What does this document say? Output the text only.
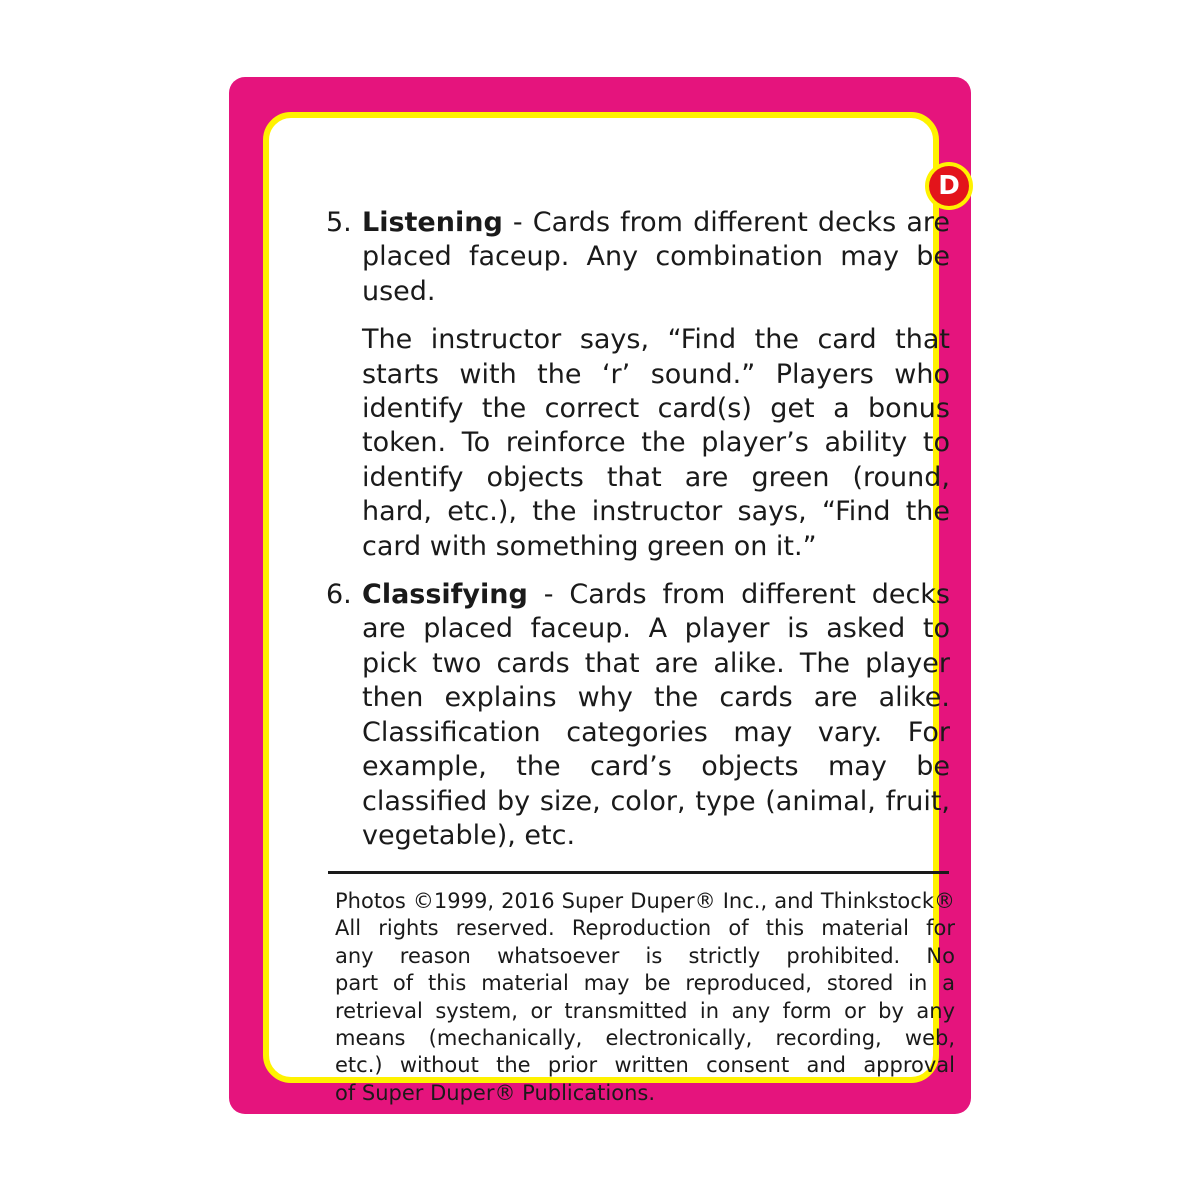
D
5. Listening - Cards from different decks are placed faceup. Any combination may be used.

The instructor says, “Find the card that starts with the ‘r’ sound.” Players who identify the correct card(s) get a bonus token. To reinforce the player’s ability to identify objects that are green (round, hard, etc.), the instructor says, “Find the card with something green on it.”

6. Classifying - Cards from different decks are placed faceup. A player is asked to pick two cards that are alike. The player then explains why the cards are alike. Classification categories may vary. For example, the card’s objects may be classified by size, color, type (animal, fruit, vegetable), etc.

Photos ©1999, 2016 Super Duper® Inc., and Thinkstock®
All rights reserved. Reproduction of this material for
any reason whatsoever is strictly prohibited. No
part of this material may be reproduced, stored in a
retrieval system, or transmitted in any form or by any
means (mechanically, electronically, recording, web,
etc.) without the prior written consent and approval
of Super Duper® Publications.
